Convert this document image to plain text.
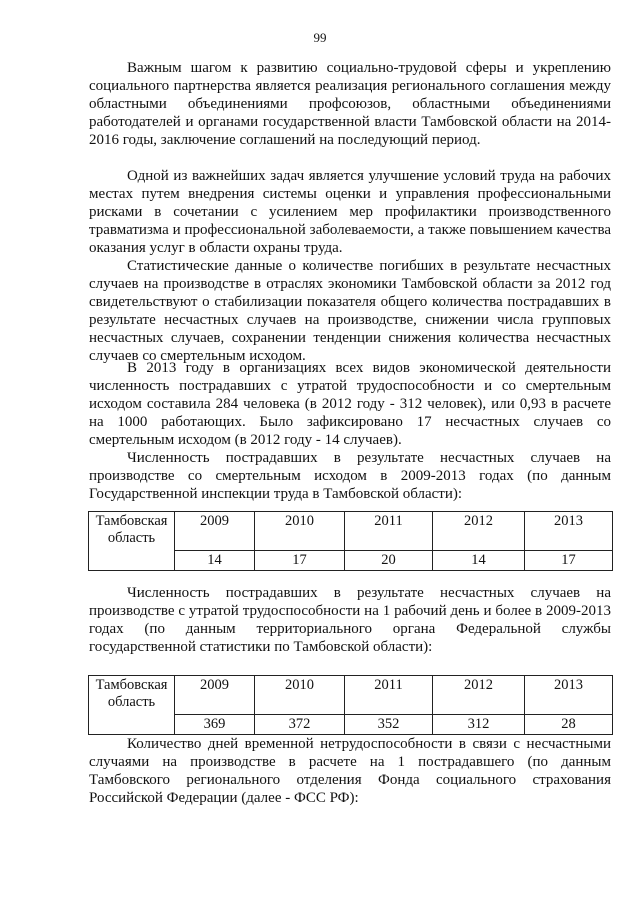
99

Важным шагом к развитию социально-трудовой сферы и укреплению социального партнерства является реализация регионального соглашения между областными объединениями профсоюзов, областными объединениями работодателей и органами государственной власти Тамбовской области на 2014-2016 годы, заключение соглашений на последующий период.

Одной из важнейших задач является улучшение условий труда на рабочих местах путем внедрения системы оценки и управления профессиональными рисками в сочетании с усилением мер профилактики производственного травматизма и профессиональной заболеваемости, а также повышением качества оказания услуг в области охраны труда.

Статистические данные о количестве погибших в результате несчастных случаев на производстве в отраслях экономики Тамбовской области за 2012 год свидетельствуют о стабилизации показателя общего количества пострадавших в результате несчастных случаев на производстве, снижении числа групповых несчастных случаев, сохранении тенденции снижения количества несчастных случаев со смертельным исходом.

В 2013 году в организациях всех видов экономической деятельности численность пострадавших с утратой трудоспособности и со смертельным исходом составила 284 человека (в 2012 году - 312 человек), или 0,93 в расчете на 1000 работающих. Было зафиксировано 17 несчастных случаев со смертельным исходом (в 2012 году - 14 случаев).

Численность пострадавших в результате несчастных случаев на производстве со смертельным исходом в 2009-2013 годах (по данным Государственной инспекции труда в Тамбовской области):

Тамбовская область	2009	2010	2011	2012	2013
	14	17	20	14	17

Численность пострадавших в результате несчастных случаев на производстве с утратой трудоспособности на 1 рабочий день и более в 2009-2013 годах (по данным территориального органа Федеральной службы государственной статистики по Тамбовской области):

Тамбовская область	2009	2010	2011	2012	2013
	369	372	352	312	28

Количество дней временной нетрудоспособности в связи с несчастными случаями на производстве в расчете на 1 пострадавшего (по данным Тамбовского регионального отделения Фонда социального страхования Российской Федерации (далее - ФСС РФ):
